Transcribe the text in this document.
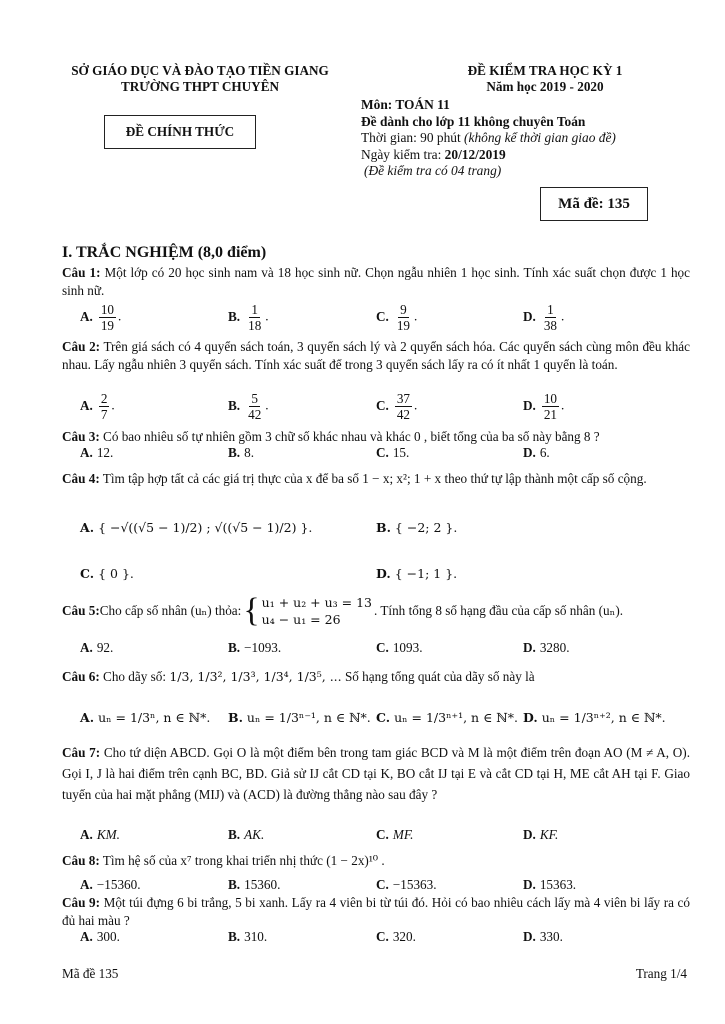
SỞ GIÁO DỤC VÀ ĐÀO TẠO TIỀN GIANG
TRƯỜNG THPT CHUYÊN
ĐỀ KIỂM TRA HỌC KỲ 1
Năm học 2019 - 2020
Môn: TOÁN 11
Đề dành cho lớp 11 không chuyên Toán
Thời gian: 90 phút (không kể thời gian giao đề)
Ngày kiểm tra: 20/12/2019
(Đề kiểm tra có 04 trang)
ĐỀ CHÍNH THỨC
Mã đề: 135
I. TRẮC NGHIỆM (8,0 điểm)
Câu 1: Một lớp có 20 học sinh nam và 18 học sinh nữ. Chọn ngẫu nhiên 1 học sinh. Tính xác suất chọn được 1 học sinh nữ.
A. $\frac{10}{19}$ .	B. $\frac{1}{18}$ .	C. $\frac{9}{19}$ .	D. $\frac{1}{38}$ .
Câu 2: Trên giá sách có 4 quyển sách toán, 3 quyển sách lý và 2 quyển sách hóa. Các quyển sách cùng môn đều khác nhau. Lấy ngẫu nhiên 3 quyển sách. Tính xác suất để trong 3 quyển sách lấy ra có ít nhất 1 quyển là toán.
A. $\frac{2}{7}$ .	B. $\frac{5}{42}$ .	C. $\frac{37}{42}$ .	D. $\frac{10}{21}$ .
Câu 3: Có bao nhiêu số tự nhiên gồm 3 chữ số khác nhau và khác 0 , biết tổng của ba số này bằng 8 ?
A. 12.	B. 8.	C. 15.	D. 6.
Câu 4: Tìm tập hợp tất cả các giá trị thực của x để ba số 1 − x; x²; 1 + x theo thứ tự lập thành một cấp số cộng.
A. { −√((√5 − 1)/2) ; √((√5 − 1)/2) }.	B. { −2; 2 }.
C. { 0 }.	D. { −1; 1 }.
Câu 5: Cho cấp số nhân (uₙ) thỏa: { u₁ + u₂ + u₃ = 13
u₄ − u₁ = 26
. Tính tổng 8 số hạng đầu của cấp số nhân (uₙ).
A. 92.	B. −1093.	C. 1093.	D. 3280.
Câu 6: Cho dãy số: 1/3, 1/3², 1/3³, 1/3⁴, 1/3⁵, ... Số hạng tổng quát của dãy số này là
A. uₙ = 1/3ⁿ, n ∈ ℕ*. B. uₙ = 1/3ⁿ⁻¹, n ∈ ℕ*. C. uₙ = 1/3ⁿ⁺¹, n ∈ ℕ*. D. uₙ = 1/3ⁿ⁺², n ∈ ℕ*.
Câu 7: Cho tứ diện ABCD. Gọi O là một điểm bên trong tam giác BCD và M là một điểm trên đoạn AO (M ≠ A, O). Gọi I, J là hai điểm trên cạnh BC, BD. Giả sử IJ cắt CD tại K, BO cắt IJ tại E và cắt CD tại H, ME cắt AH tại F. Giao tuyến của hai mặt phẳng (MIJ) và (ACD) là đường thẳng nào sau đây ?
A. KM.	B. AK.	C. MF.	D. KF.
Câu 8: Tìm hệ số của x⁷ trong khai triển nhị thức (1 − 2x)¹⁰ .
A. −15360.	B. 15360.	C. −15363.	D. 15363.
Câu 9: Một túi đựng 6 bi trắng, 5 bi xanh. Lấy ra 4 viên bi từ túi đó. Hỏi có bao nhiêu cách lấy mà 4 viên bi lấy ra có đủ hai màu ?
A. 300.	B. 310.	C. 320.	D. 330.
Mã đề 135	Trang 1/4
